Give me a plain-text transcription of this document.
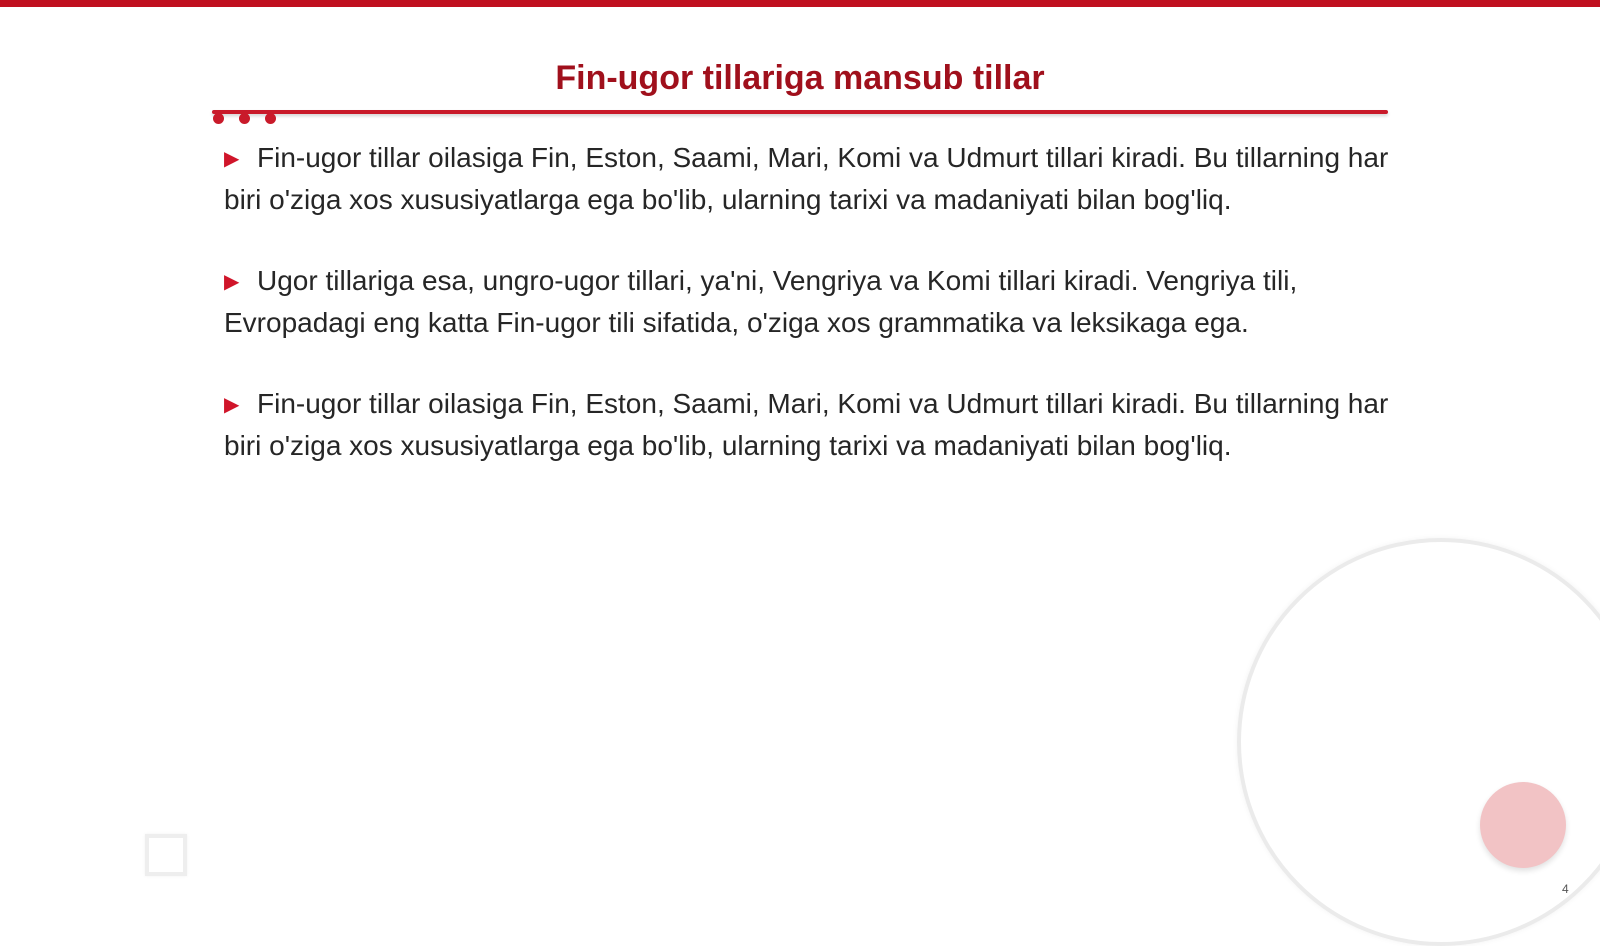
Fin-ugor tillariga mansub tillar

▶ Fin-ugor tillar oilasiga Fin, Eston, Saami, Mari, Komi va Udmurt tillari kiradi. Bu tillarning har biri o'ziga xos xususiyatlarga ega bo'lib, ularning tarixi va madaniyati bilan bog'liq.

▶ Ugor tillariga esa, ungro-ugor tillari, ya'ni, Vengriya va Komi tillari kiradi. Vengriya tili, Evropadagi eng katta Fin-ugor tili sifatida, o'ziga xos grammatika va leksikaga ega.

▶ Fin-ugor tillar oilasiga Fin, Eston, Saami, Mari, Komi va Udmurt tillari kiradi. Bu tillarning har biri o'ziga xos xususiyatlarga ega bo'lib, ularning tarixi va madaniyati bilan bog'liq.

4
